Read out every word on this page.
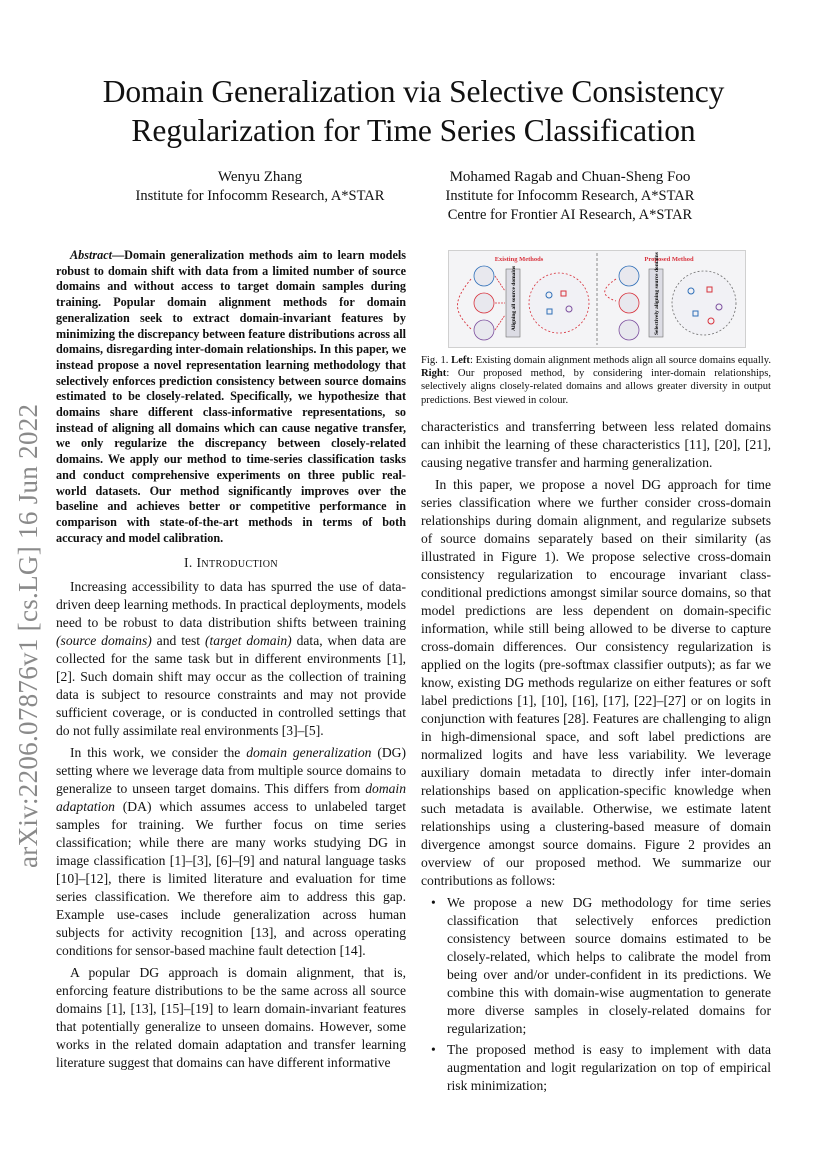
Domain Generalization via Selective Consistency
Regularization for Time Series Classification
Wenyu Zhang
Institute for Infocomm Research, A*STAR
Mohamed Ragab and Chuan-Sheng Foo
Institute for Infocomm Research, A*STAR
Centre for Frontier AI Research, A*STAR
arXiv:2206.07876v1 [cs.LG] 16 Jun 2022

Abstract—Domain generalization methods aim to learn models robust to domain shift with data from a limited number of source domains and without access to target domain samples during training. Popular domain alignment methods for domain generalization seek to extract domain-invariant features by minimizing the discrepancy between feature distributions across all domains, disregarding inter-domain relationships. In this paper, we instead propose a novel representation learning methodology that selectively enforces prediction consistency between source domains estimated to be closely-related. Specifically, we hypothesize that domains share different class-informative representations, so instead of aligning all domains which can cause negative transfer, we only regularize the discrepancy between closely-related domains. We apply our method to time-series classification tasks and conduct comprehensive experiments on three public real-world datasets. Our method significantly improves over the baseline and achieves better or competitive performance in comparison with state-of-the-art methods in terms of both accuracy and model calibration.

I. Introduction

Increasing accessibility to data has spurred the use of data-driven deep learning methods. In practical deployments, models need to be robust to data distribution shifts between training (source domains) and test (target domain) data, when data are collected for the same task but in different environments [1], [2]. Such domain shift may occur as the collection of training data is subject to resource constraints and may not provide sufficient coverage, or is conducted in controlled settings that do not fully assimilate real environments [3]–[5].

In this work, we consider the domain generalization (DG) setting where we leverage data from multiple source domains to generalize to unseen target domains. This differs from domain adaptation (DA) which assumes access to unlabeled target samples for training. We further focus on time series classification; while there are many works studying DG in image classification [1]–[3], [6]–[9] and natural language tasks [10]–[12], there is limited literature and evaluation for time series classification. We therefore aim to address this gap. Example use-cases include generalization across human subjects for activity recognition [13], and across operating conditions for sensor-based machine fault detection [14].

A popular DG approach is domain alignment, that is, enforcing feature distributions to be the same across all source domains [1], [13], [15]–[19] to learn domain-invariant features that potentially generalize to unseen domains. However, some works in the related domain adaptation and transfer learning literature suggest that domains can have different informative

Existing Methods	Proposed Method
Aligning all source domains	Selectively aligning source domains
Fig. 1. Left: Existing domain alignment methods align all source domains equally. Right: Our proposed method, by considering inter-domain relationships, selectively aligns closely-related domains and allows greater diversity in output predictions. Best viewed in colour.

characteristics and transferring between less related domains can inhibit the learning of these characteristics [11], [20], [21], causing negative transfer and harming generalization.

In this paper, we propose a novel DG approach for time series classification where we further consider cross-domain relationships during domain alignment, and regularize subsets of source domains separately based on their similarity (as illustrated in Figure 1). We propose selective cross-domain consistency regularization to encourage invariant class-conditional predictions amongst similar source domains, so that model predictions are less dependent on domain-specific information, while still being allowed to be diverse to capture cross-domain differences. Our consistency regularization is applied on the logits (pre-softmax classifier outputs); as far we know, existing DG methods regularize on either features or soft label predictions [1], [10], [16], [17], [22]–[27] or on logits in conjunction with features [28]. Features are challenging to align in high-dimensional space, and soft label predictions are normalized logits and have less variability. We leverage auxiliary domain metadata to directly infer inter-domain relationships based on application-specific knowledge when such metadata is available. Otherwise, we estimate latent relationships using a clustering-based measure of domain divergence amongst source domains. Figure 2 provides an overview of our proposed method. We summarize our contributions as follows:

• We propose a new DG methodology for time series classification that selectively enforces prediction consistency between source domains estimated to be closely-related, which helps to calibrate the model from being over and/or under-confident in its predictions. We combine this with domain-wise augmentation to generate more diverse samples in closely-related domains for regularization;
• The proposed method is easy to implement with data augmentation and logit regularization on top of empirical risk minimization;
